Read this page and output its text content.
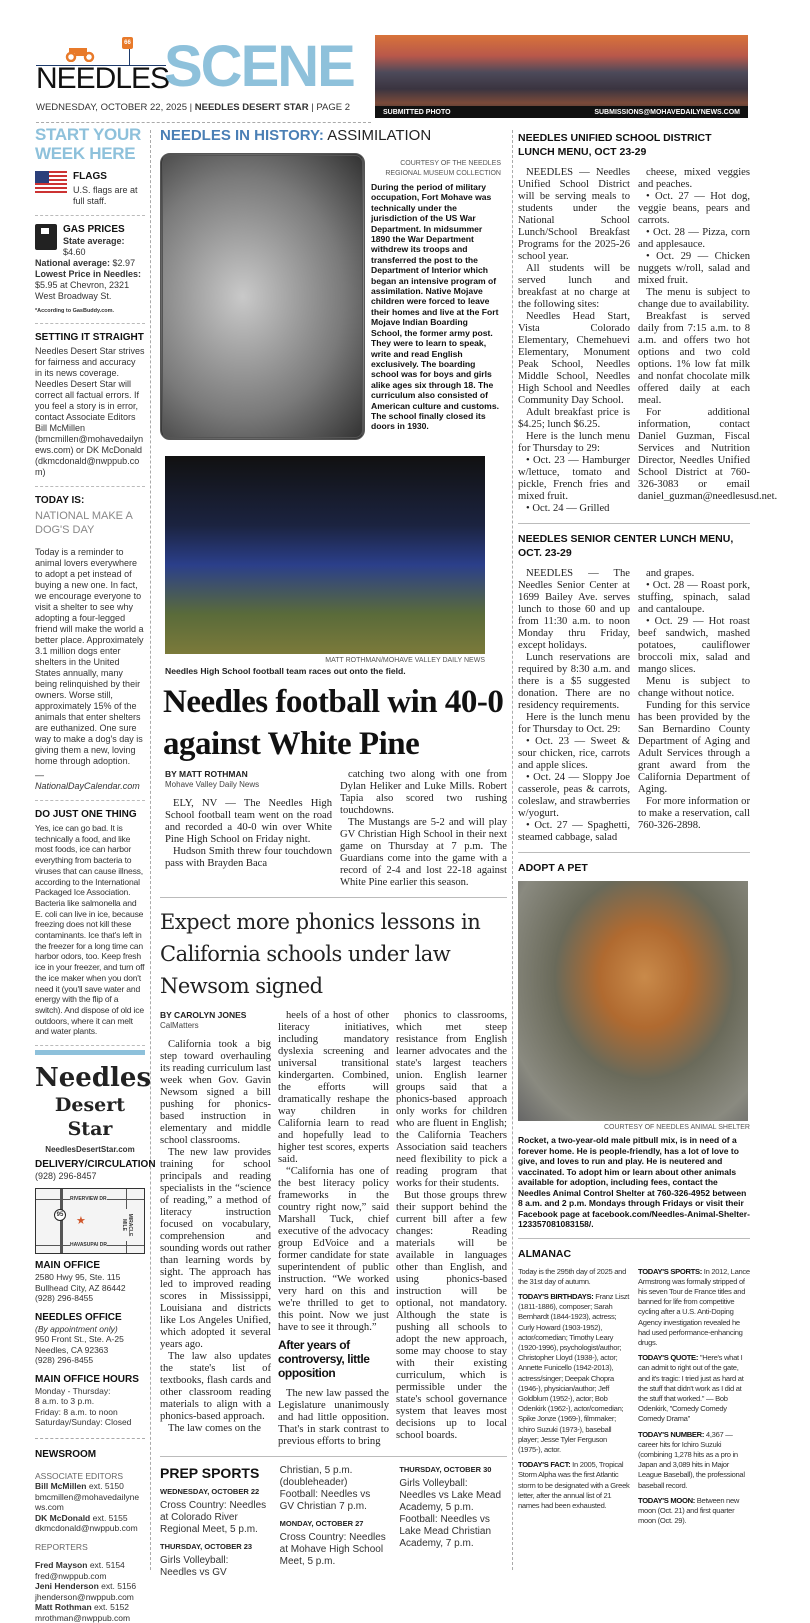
66
NEEDLES
SCENE
WEDNESDAY, OCTOBER 22, 2025 | NEEDLES DESERT STAR | PAGE 2	SUBMITTED PHOTO	SUBMISSIONS@MOHAVEDAILYNEWS.COM
START YOUR WEEK HERE
FLAGS
U.S. flags are at full staff.
GAS PRICES
State average:
$4.60
National average: $2.97
Lowest Price in Needles:
$5.95 at Chevron, 2321 West Broadway St.
*According to GasBuddy.com.
SETTING IT STRAIGHT
Needles Desert Star strives for fairness and accuracy in its news coverage. Needles Desert Star will correct all factual errors. If you feel a story is in error, contact Associate Editors Bill McMillen (bmcmillen@mohavedailynews.com) or DK McDonald (dkmcdonald@nwppub.com)
TODAY IS:
NATIONAL MAKE A DOG'S DAY
Today is a reminder to animal lovers everywhere to adopt a pet instead of buying a new one. In fact, we encourage everyone to visit a shelter to see why adopting a four-legged friend will make the world a better place. Approximately 3.1 million dogs enter shelters in the United States annually, many being relinquished by their owners. Worse still, approximately 15% of the animals that enter shelters are euthanized. One sure way to make a dog's day is giving them a new, loving home through adoption.
— NationalDayCalendar.com
DO JUST ONE THING
Yes, ice can go bad. It is technically a food, and like most foods, ice can harbor everything from bacteria to viruses that can cause illness, according to the International Packaged Ice Association. Bacteria like salmonella and E. coli can live in ice, because freezing does not kill these contaminants. Ice that's left in the freezer for a long time can harbor odors, too. Keep fresh ice in your freezer, and turn off the ice maker when you don't need it (you'll save water and energy with the flip of a switch). And dispose of old ice outdoors, where it can melt and water plants.
Needles
Desert Star
NeedlesDesertStar.com
DELIVERY/CIRCULATION
(928) 296-8457
RIVERVIEW DR
HAVASUPAI DR
MIRACLE MILE
95 ★
MAIN OFFICE
2580 Hwy 95, Ste. 115
Bullhead City, AZ 86442
(928) 296-8455
NEEDLES OFFICE
(By appointment only)
950 Front St., Ste. A-25
Needles, CA 92363
(928) 296-8455
MAIN OFFICE HOURS
Monday - Thursday:
8 a.m. to 3 p.m.
Friday: 8 a.m. to noon
Saturday/Sunday: Closed
NEWSROOM
ASSOCIATE EDITORS
Bill McMillen ext. 5150
bmcmillen@mohavedailynews.com
DK McDonald ext. 5155
dkmcdonald@nwppub.com
REPORTERS
Fred Mayson ext. 5154
fred@nwppub.com
Jeni Henderson ext. 5156
jhenderson@nwppub.com
Matt Rothman ext. 5152
mrothman@nwppub.com
NEEDLES IN HISTORY: ASSIMILATION
COURTESY OF THE NEEDLES REGIONAL MUSEUM COLLECTION
During the period of military occupation, Fort Mohave was technically under the jurisdiction of the US War Department. In midsummer 1890 the War Department withdrew its troops and transferred the post to the Department of Interior which began an intensive program of assimilation. Native Mojave children were forced to leave their homes and live at the Fort Mojave Indian Boarding School, the former army post. They were to learn to speak, write and read English exclusively. The boarding school was for boys and girls alike ages six through 18. The curriculum also consisted of American culture and customs. The school finally closed its doors in 1930.
MATT ROTHMAN/MOHAVE VALLEY DAILY NEWS
Needles High School football team races out onto the field.
Needles football win 40-0 against White Pine
BY MATT ROTHMAN
Mohave Valley Daily News

ELY, NV — The Needles High School football team went on the road and recorded a 40-0 win over White Pine High School on Friday night.

Hudson Smith threw four touchdown pass with Brayden Baca

catching two along with one from Dylan Heliker and Luke Mills. Robert Tapia also scored two rushing touchdowns.

The Mustangs are 5-2 and will play GV Christian High School in their next game on Thursday at 7 p.m. The Guardians come into the game with a record of 2-4 and lost 22-18 against White Pine earlier this season.

Expect more phonics lessons in California schools under law Newsom signed
BY CAROLYN JONES
CalMatters

California took a big step toward overhauling its reading curriculum last week when Gov. Gavin Newsom signed a bill pushing for phonics-based instruction in elementary and middle school classrooms.

The new law provides training for school principals and reading specialists in the “science of reading,” a method of literacy instruction focused on vocabulary, comprehension and sounding words out rather than learning words by sight. The approach has led to improved reading scores in Mississippi, Louisiana and districts like Los Angeles Unified, which adopted it several years ago.

The law also updates the state's list of textbooks, flash cards and other classroom reading materials to align with a phonics-based approach.

The law comes on the

heels of a host of other literacy initiatives, including mandatory dyslexia screening and universal transitional kindergarten. Combined, the efforts will dramatically reshape the way children in California learn to read and hopefully lead to higher test scores, experts said.

“California has one of the best literacy policy frameworks in the country right now,” said Marshall Tuck, chief executive of the advocacy group EdVoice and a former candidate for state superintendent of public instruction. “We worked very hard on this and we're thrilled to get to this point. Now we just have to see it through.”

After years of controversy, little opposition

The new law passed the Legislature unanimously and had little opposition. That's in stark contrast to previous efforts to bring

phonics to classrooms, which met steep resistance from English learner advocates and the state's largest teachers union. English learner groups said that a phonics-based approach only works for children who are fluent in English; the California Teachers Association said teachers need flexibility to pick a reading program that works for their students.

But those groups threw their support behind the current bill after a few changes: Reading materials will be available in languages other than English, and using phonics-based instruction will be optional, not mandatory. Although the state is pushing all schools to adopt the new approach, some may choose to stay with their existing curriculum, which is permissible under the state's school governance system that leaves most decisions up to local school boards.

PREP SPORTS
WEDNESDAY, OCTOBER 22
Cross Country: Needles at Colorado River Regional Meet, 5 p.m.
THURSDAY, OCTOBER 23
Girls Volleyball: Needles vs GV Christian, 5 p.m. (doubleheader)
Football: Needles vs GV Christian 7 p.m.
MONDAY, OCTOBER 27
Cross Country: Needles at Mohave High School Meet, 5 p.m.
THURSDAY, OCTOBER 30
Girls Volleyball: Needles vs Lake Mead Academy, 5 p.m.
Football: Needles vs Lake Mead Christian Academy, 7 p.m.
NEEDLES UNIFIED SCHOOL DISTRICT LUNCH MENU, OCT 23-29

NEEDLES — Needles Unified School District will be serving meals to students under the National School Lunch/School Breakfast Programs for the 2025-26 school year.

All students will be served lunch and breakfast at no charge at the following sites:

Needles Head Start, Vista Colorado Elementary, Chemehuevi Elementary, Monument Peak School, Needles Middle School, Needles High School and Needles Community Day School.

Adult breakfast price is $4.25; lunch $6.25.

Here is the lunch menu for Thursday to 29:

• Oct. 23 — Hamburger w/lettuce, tomato and pickle, French fries and mixed fruit.

• Oct. 24 — Grilled

cheese, mixed veggies and peaches.

• Oct. 27 — Hot dog, veggie beans, pears and carrots.

• Oct. 28 — Pizza, corn and applesauce.

• Oct. 29 — Chicken nuggets w/roll, salad and mixed fruit.

The menu is subject to change due to availability.

Breakfast is served daily from 7:15 a.m. to 8 a.m. and offers two hot options and two cold options. 1% low fat milk and nonfat chocolate milk offered daily at each meal.

For additional information, contact Daniel Guzman, Fiscal Services and Nutrition Director, Needles Unified School District at 760-326-3083 or email daniel_guzman@needlesusd.net.

NEEDLES SENIOR CENTER LUNCH MENU, OCT. 23-29

NEEDLES — The Needles Senior Center at 1699 Bailey Ave. serves lunch to those 60 and up from 11:30 a.m. to noon Monday thru Friday, except holidays.

Lunch reservations are required by 8:30 a.m. and there is a $5 suggested donation. There are no residency requirements.

Here is the lunch menu for Thursday to Oct. 29:

• Oct. 23 — Sweet & sour chicken, rice, carrots and apple slices.

• Oct. 24 — Sloppy Joe casserole, peas & carrots, coleslaw, and strawberries w/yogurt.

• Oct. 27 — Spaghetti, steamed cabbage, salad

and grapes.

• Oct. 28 — Roast pork, stuffing, spinach, salad and cantaloupe.

• Oct. 29 — Hot roast beef sandwich, mashed potatoes, cauliflower broccoli mix, salad and mango slices.

Menu is subject to change without notice.

Funding for this service has been provided by the San Bernardino County Department of Aging and Adult Services through a grant award from the California Department of Aging.

For more information or to make a reservation, call 760-326-2898.

ADOPT A PET
COURTESY OF NEEDLES ANIMAL SHELTER
Rocket, a two-year-old male pitbull mix, is in need of a forever home. He is people-friendly, has a lot of love to give, and loves to run and play. He is neutered and vaccinated. To adopt him or learn about other animals available for adoption, including fees, contact the Needles Animal Control Shelter at 760-326-4952 between 8 a.m. and 2 p.m. Mondays through Fridays or visit their Facebook page at facebook.com/Needles-Animal-Shelter-123357081083158/.
ALMANAC

Today is the 295th day of 2025 and the 31st day of autumn.

TODAY'S BIRTHDAYS: Franz Liszt (1811-1886), composer; Sarah Bernhardt (1844-1923), actress; Curly Howard (1903-1952), actor/comedian; Timothy Leary (1920-1996), psychologist/author; Christopher Lloyd (1938-), actor; Annette Funicello (1942-2013), actress/singer; Deepak Chopra (1946-), physician/author; Jeff Goldblum (1952-), actor; Bob Odenkirk (1962-), actor/comedian; Spike Jonze (1969-), filmmaker; Ichiro Suzuki (1973-), baseball player; Jesse Tyler Ferguson (1975-), actor.

TODAY'S FACT: In 2005, Tropical Storm Alpha was the first Atlantic storm to be designated with a Greek letter, after the annual list of 21 names had been exhausted.

TODAY'S SPORTS: In 2012, Lance Armstrong was formally stripped of his seven Tour de France titles and banned for life from competitive cycling after a U.S. Anti-Doping Agency investigation revealed he had used performance-enhancing drugs.

TODAY'S QUOTE: "Here's what I can admit to right out of the gate, and it's tragic: I tried just as hard at the stuff that didn't work as I did at the stuff that worked." — Bob Odenkirk, "Comedy Comedy Comedy Drama"

TODAY'S NUMBER: 4,367 — career hits for Ichiro Suzuki (combining 1,278 hits as a pro in Japan and 3,089 hits in Major League Baseball), the professional baseball record.

TODAY'S MOON: Between new moon (Oct. 21) and first quarter moon (Oct. 29).
